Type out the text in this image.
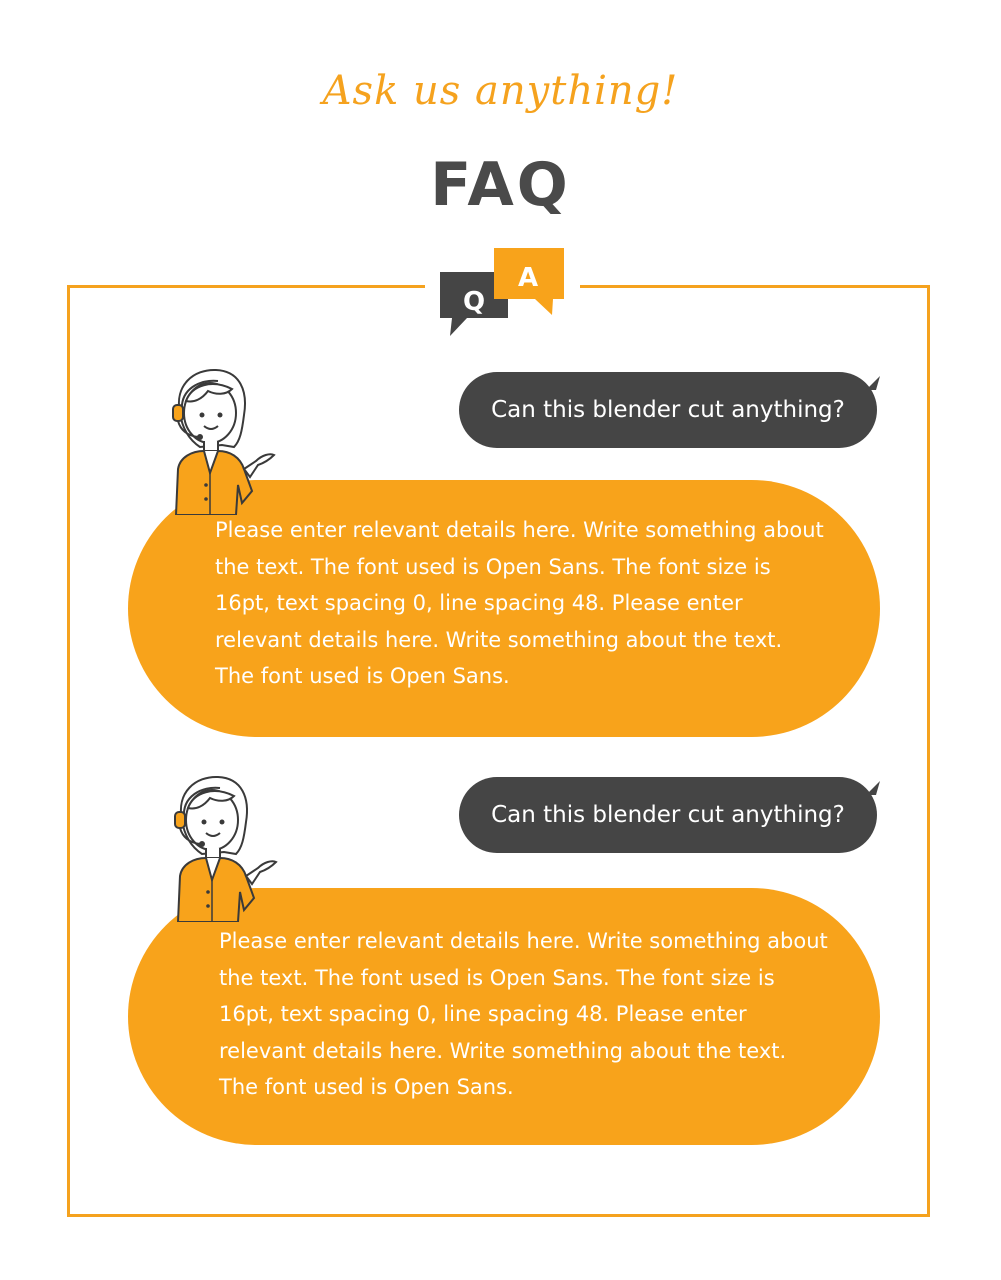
Ask us anything!
FAQ
Q
A
Please enter relevant details here. Write something about the text. The font used is Open Sans. The font size is 16pt, text spacing 0, line spacing 48. Please enter relevant details here. Write something about the text. The font used is Open Sans.
Can this blender cut anything?
Please enter relevant details here. Write something about the text. The font used is Open Sans. The font size is 16pt, text spacing 0, line spacing 48. Please enter relevant details here. Write something about the text. The font used is Open Sans.
Can this blender cut anything?
